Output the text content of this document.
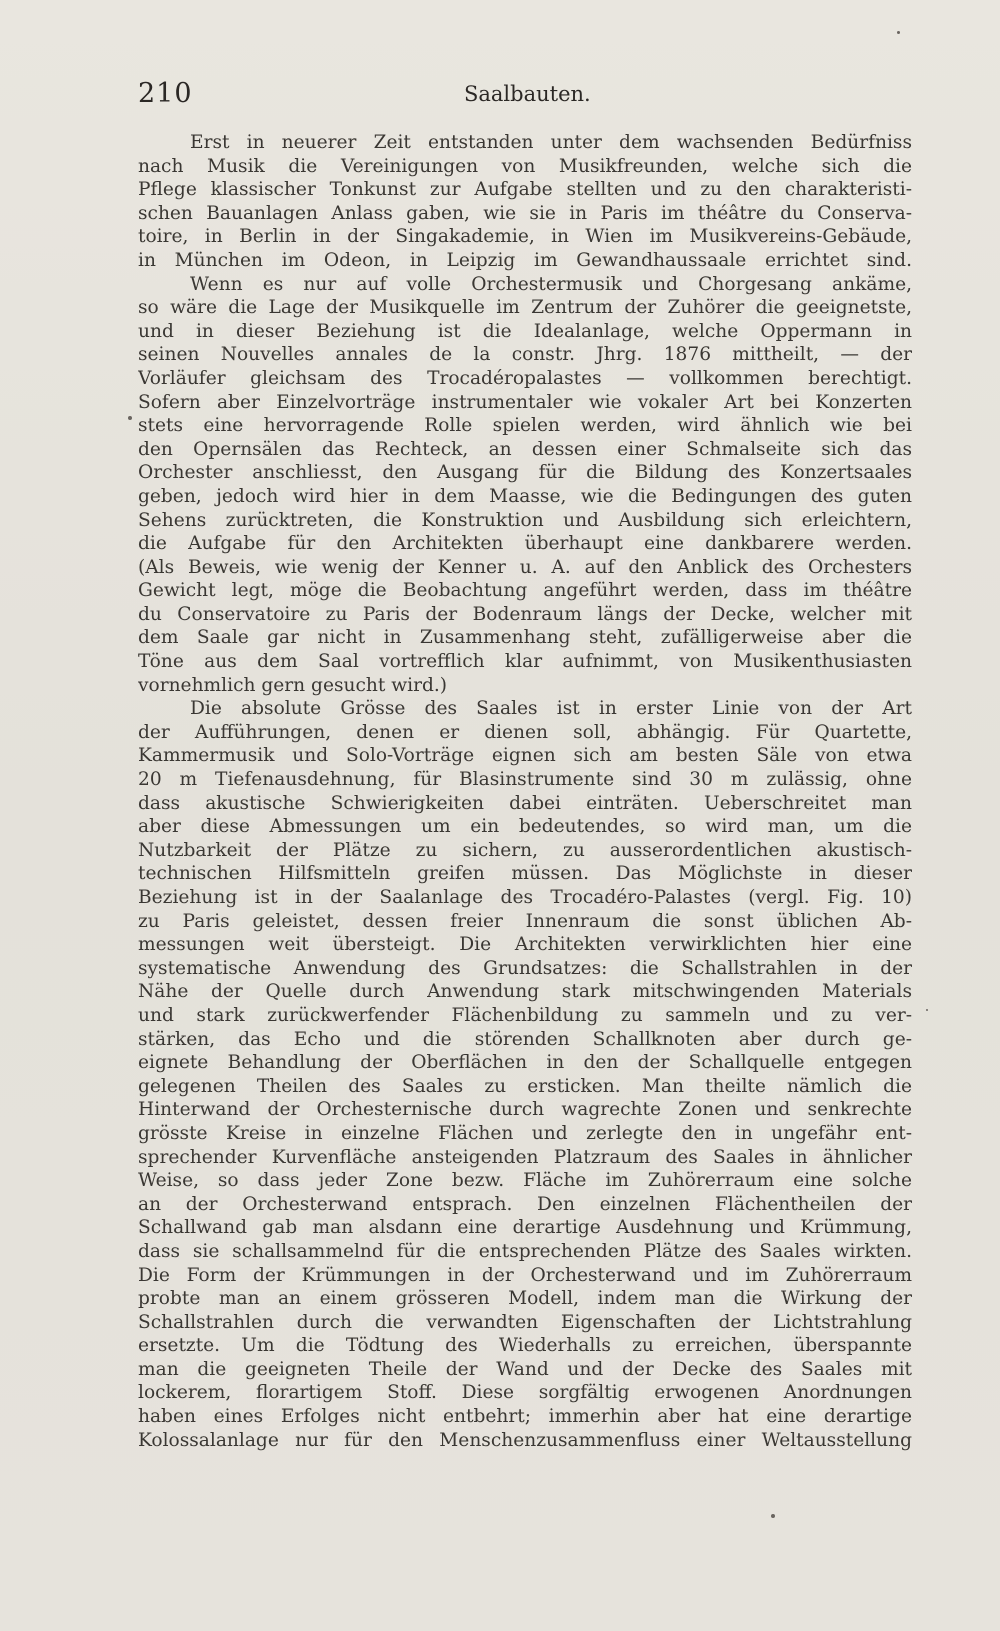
210	Saalbauten.
Erst in neuerer Zeit entstanden unter dem wachsenden Bedürfniss
nach Musik die Vereinigungen von Musikfreunden, welche sich die
Pflege klassischer Tonkunst zur Aufgabe stellten und zu den charakteristi-
schen Bauanlagen Anlass gaben, wie sie in Paris im théâtre du Conserva-
toire, in Berlin in der Singakademie, in Wien im Musikvereins-Gebäude,
in München im Odeon, in Leipzig im Gewandhaussaale errichtet sind.
Wenn es nur auf volle Orchestermusik und Chorgesang ankäme,
so wäre die Lage der Musikquelle im Zentrum der Zuhörer die geeignetste,
und in dieser Beziehung ist die Idealanlage, welche Oppermann in
seinen Nouvelles annales de la constr. Jhrg. 1876 mittheilt, — der
Vorläufer gleichsam des Trocadéropalastes — vollkommen berechtigt.
Sofern aber Einzelvorträge instrumentaler wie vokaler Art bei Konzerten
stets eine hervorragende Rolle spielen werden, wird ähnlich wie bei
den Opernsälen das Rechteck, an dessen einer Schmalseite sich das
Orchester anschliesst, den Ausgang für die Bildung des Konzertsaales
geben, jedoch wird hier in dem Maasse, wie die Bedingungen des guten
Sehens zurücktreten, die Konstruktion und Ausbildung sich erleichtern,
die Aufgabe für den Architekten überhaupt eine dankbarere werden.
(Als Beweis, wie wenig der Kenner u. A. auf den Anblick des Orchesters
Gewicht legt, möge die Beobachtung angeführt werden, dass im théâtre
du Conservatoire zu Paris der Bodenraum längs der Decke, welcher mit
dem Saale gar nicht in Zusammenhang steht, zufälligerweise aber die
Töne aus dem Saal vortrefflich klar aufnimmt, von Musikenthusiasten
vornehmlich gern gesucht wird.)
Die absolute Grösse des Saales ist in erster Linie von der Art
der Aufführungen, denen er dienen soll, abhängig. Für Quartette,
Kammermusik und Solo-Vorträge eignen sich am besten Säle von etwa
20 m Tiefenausdehnung, für Blasinstrumente sind 30 m zulässig, ohne
dass akustische Schwierigkeiten dabei einträten. Ueberschreitet man
aber diese Abmessungen um ein bedeutendes, so wird man, um die
Nutzbarkeit der Plätze zu sichern, zu ausserordentlichen akustisch-
technischen Hilfsmitteln greifen müssen. Das Möglichste in dieser
Beziehung ist in der Saalanlage des Trocadéro-Palastes (vergl. Fig. 10)
zu Paris geleistet, dessen freier Innenraum die sonst üblichen Ab-
messungen weit übersteigt. Die Architekten verwirklichten hier eine
systematische Anwendung des Grundsatzes: die Schallstrahlen in der
Nähe der Quelle durch Anwendung stark mitschwingenden Materials
und stark zurückwerfender Flächenbildung zu sammeln und zu ver-
stärken, das Echo und die störenden Schallknoten aber durch ge-
eignete Behandlung der Oberflächen in den der Schallquelle entgegen
gelegenen Theilen des Saales zu ersticken. Man theilte nämlich die
Hinterwand der Orchesternische durch wagrechte Zonen und senkrechte
grösste Kreise in einzelne Flächen und zerlegte den in ungefähr ent-
sprechender Kurvenfläche ansteigenden Platzraum des Saales in ähnlicher
Weise, so dass jeder Zone bezw. Fläche im Zuhörerraum eine solche
an der Orchesterwand entsprach. Den einzelnen Flächentheilen der
Schallwand gab man alsdann eine derartige Ausdehnung und Krümmung,
dass sie schallsammelnd für die entsprechenden Plätze des Saales wirkten.
Die Form der Krümmungen in der Orchesterwand und im Zuhörerraum
probte man an einem grösseren Modell, indem man die Wirkung der
Schallstrahlen durch die verwandten Eigenschaften der Lichtstrahlung
ersetzte. Um die Tödtung des Wiederhalls zu erreichen, überspannte
man die geeigneten Theile der Wand und der Decke des Saales mit
lockerem, florartigem Stoff. Diese sorgfältig erwogenen Anordnungen
haben eines Erfolges nicht entbehrt; immerhin aber hat eine derartige
Kolossalanlage nur für den Menschenzusammenfluss einer Weltausstellung
